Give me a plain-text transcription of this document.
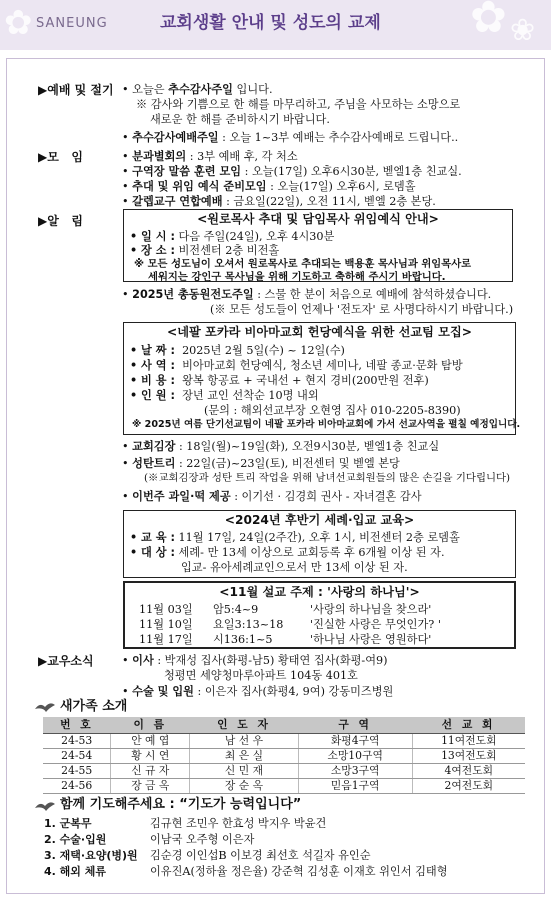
✿	✿ ❀
SANEUNG	교회생활 안내 및 성도의 교제
▶예배 및 절기 • 오늘은 추수감사주일 입니다.
※ 감사와 기쁨으로 한 해를 마무리하고, 주님을 사모하는 소망으로
새로운 한 해를 준비하시기 바랍니다.
• 추수감사예배주일 : 오늘 1~3부 예배는 추수감사예배로 드립니다..
▶모   임	• 분과별회의 : 3부 예배 후, 각 처소
• 구역장 말씀 훈련 모임 : 오늘(17일) 오후6시30분, 벧엘1층 친교실.
• 추대 및 위임 예식 준비모임 : 오늘(17일) 오후6시, 로뎀홀
• 갈렙교구 연합예배 : 금요일(22일), 오전 11시, 벧엘 2층 본당.
▶알   림	<원로목사 추대 및 담임목사 위임예식 안내>
• 일 시 : 다음 주일(24일), 오후 4시30분
• 장 소 : 비전센터 2층 비전홀
※ 모든 성도님이 오셔서 원로목사로 추대되는 백용훈 목사님과 위임목사로
세워지는 강인구 목사님을 위해 기도하고 축하해 주시기 바랍니다.
• 2025년 총동원전도주일 : 스물 한 분이 처음으로 예배에 참석하셨습니다.
(※ 모든 성도들이 언제나 '전도자' 로 사명다하시기 바랍니다.)
<네팔 포카라 비아마교회 헌당예식을 위한 선교팀 모집>
• 날 짜 : 2025년 2월 5일(수) ~ 12일(수)
• 사 역 : 비아마교회 헌당예식, 청소년 세미나, 네팔 종교·문화 탐방
• 비 용 : 왕복 항공료 + 국내선 + 현지 경비(200만원 전후)
• 인 원 : 장년 교인 선착순 10명 내외
(문의 : 해외선교부장 오현영 집사 010-2205-8390)
※ 2025년 여름 단기선교팀이 네팔 포카라 비아마교회에 가서 선교사역을 펼칠 예정입니다.
• 교회김장 : 18일(월)~19일(화), 오전9시30분, 벧엘1층 친교실
• 성탄트리 : 22일(금)~23일(토), 비전센터 및 벧엘 본당
(※교회김장과 성탄 트리 작업을 위해 남녀선교회원들의 많은 손길을 기다립니다)
• 이번주 과일·떡 제공 : 이기선 · 김경희 권사 - 자녀결혼 감사
<2024년 후반기 세례·입교 교육>
• 교 육 : 11월 17일, 24일(2주간), 오후 1시, 비전센터 2층 로뎀홀
• 대 상 : 세례- 만 13세 이상으로 교회등록 후 6개월 이상 된 자.
입교- 유아세례교인으로서 만 13세 이상 된 자.
<11월 설교 주제 : '사랑의 하나님'>
11월 03일 암5:4~9	'사랑의 하나님을 찾으라'
11월 10일 요일3:13~18 '진실한 사랑은 무엇인가? '
11월 17일 시136:1~5	'하나님 사랑은 영원하다'
▶교우소식	• 이사 : 박재성 집사(화평-남5) 황태연 집사(화평-여9)
청평면 세양청마루아파트 104동 401호
• 수술 및 입원 : 이은자 집사(화평4, 9여) 강동미즈병원
새가족 소개
번 호	이 름	인 도 자	구 역	선 교 회
24-53	안 예 엽	남 선 우	화평4구역	11여전도회
24-54	황 시 연	최 은 실	소망10구역	13여전도회
24-55	신 규 자	신 민 재	소망3구역	4여전도회
24-56	장 금 옥	장 순 옥	믿음1구역	2여전도회
함께 기도해주세요 : “기도가 능력입니다”
1. 군복무	김규현 조민우 한효성 박지우 박윤건
2. 수술·입원	이남국 오주형 이은자
3. 재택·요양(병)원 김순경 이인섭B 이보경 최선호 석길자 유인순
4. 해외 체류	이유진A(정하율 정은율) 강준혁 김성훈 이재호 위인서 김태형
